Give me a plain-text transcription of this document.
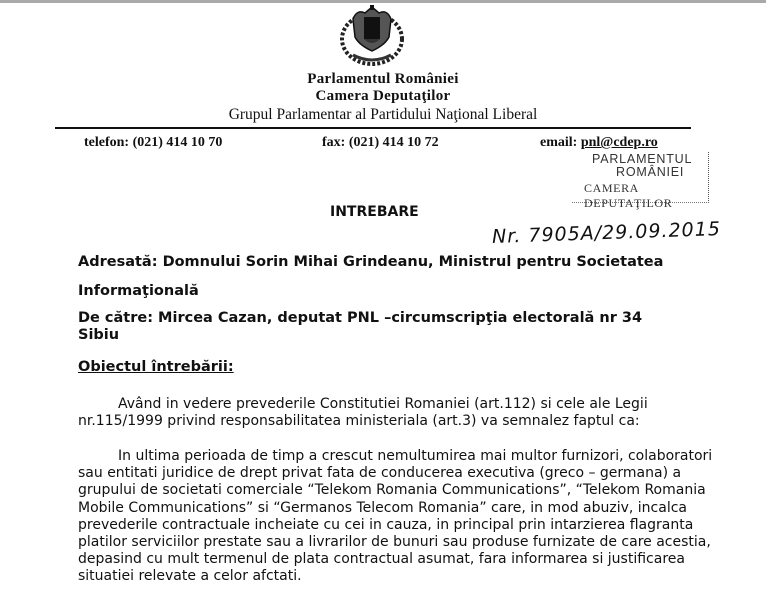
Parlamentul României
Camera Deputaţilor
Grupul Parlamentar al Partidului Naţional Liberal
telefon: (021) 414 10 70	fax: (021) 414 10 72	email: pnl@cdep.ro
PARLAMENTUL
ROMÂNIEI
CAMERA DEPUTAŢILOR
INTREBARE
Nr. 7905A/29.09.2015
Adresată: Domnului Sorin Mihai Grindeanu, Ministrul pentru Societatea
Informaţională
De către: Mircea Cazan, deputat PNL –circumscripţia electorală nr 34
Sibiu
Obiectul întrebării:

Având in vedere prevederile Constitutiei Romaniei (art.112) si cele ale Legii nr.115/1999 privind responsabilitatea ministeriala (art.3) va semnalez faptul ca:

In ultima perioada de timp a crescut nemultumirea mai multor furnizori, colaboratori sau entitati juridice de drept privat fata de conducerea executiva (greco – germana) a grupului de societati comerciale “Telekom Romania Communications”, “Telekom Romania Mobile Communications” si “Germanos Telecom Romania” care, in mod abuziv, incalca prevederile contractuale incheiate cu cei in cauza, in principal prin intarzierea flagranta platilor serviciilor prestate sau a livrarilor de bunuri sau produse furnizate de care acestia, depasind cu mult termenul de plata contractual asumat, fara informarea si justificarea situatiei relevate a celor afctati.
